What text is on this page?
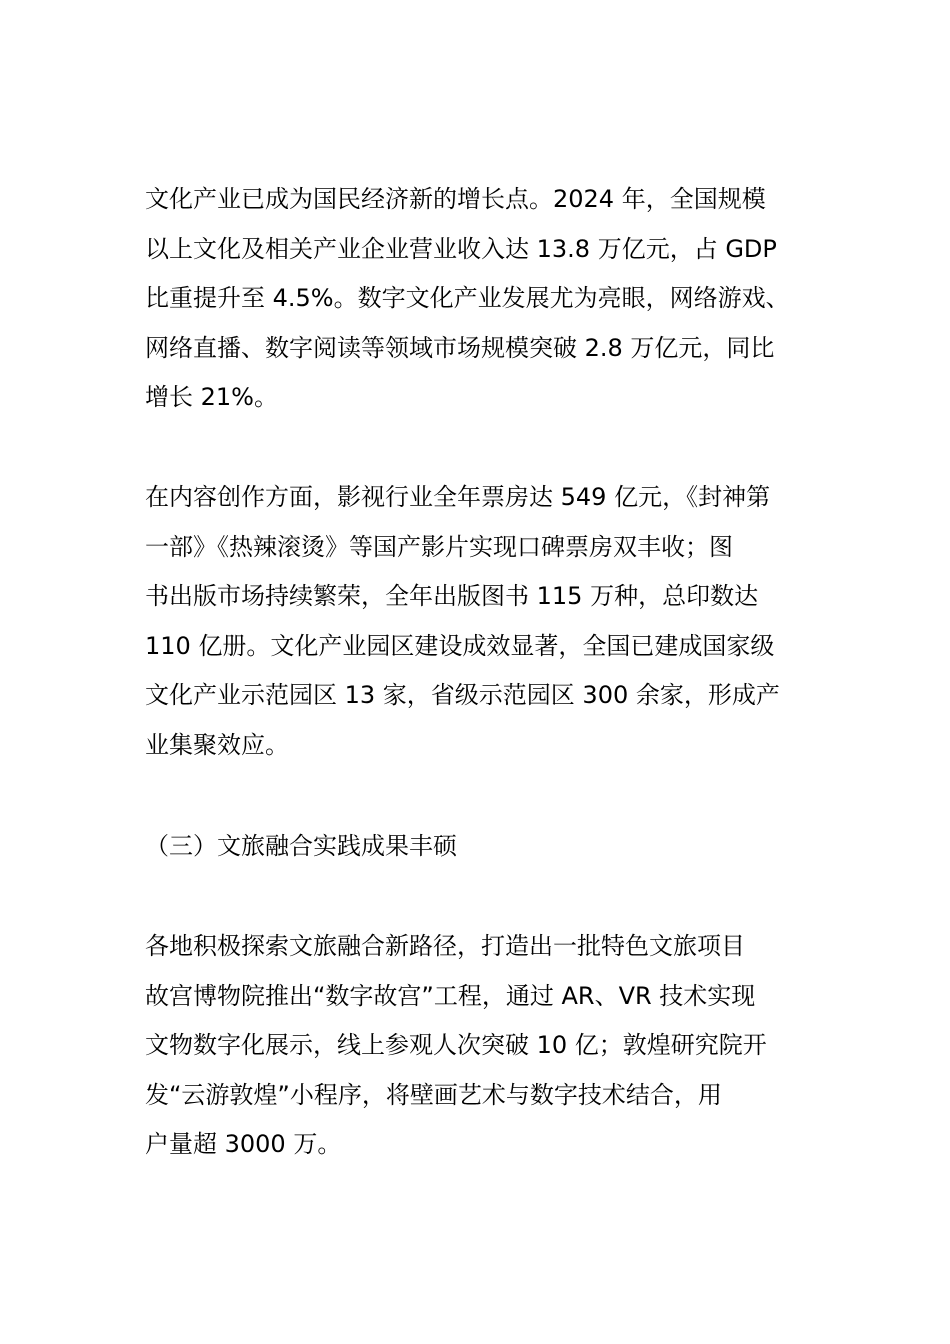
文化产业已成为国民经济新的增长点。2024 年，全国规模
以上文化及相关产业企业营业收入达 13.8 万亿元，占 GDP
比重提升至 4.5%。数字文化产业发展尤为亮眼，网络游戏、
网络直播、数字阅读等领域市场规模突破 2.8 万亿元，同比
增长 21%。
在内容创作方面，影视行业全年票房达 549 亿元，《封神第
一部》《热辣滚烫》等国产影片实现口碑票房双丰收；图
书出版市场持续繁荣，全年出版图书 115 万种，总印数达
110 亿册。文化产业园区建设成效显著，全国已建成国家级
文化产业示范园区 13 家，省级示范园区 300 余家，形成产
业集聚效应。
（三）文旅融合实践成果丰硕
各地积极探索文旅融合新路径，打造出一批特色文旅项目
故宫博物院推出“数字故宫”工程，通过 AR、VR 技术实现
文物数字化展示，线上参观人次突破 10 亿；敦煌研究院开
发“云游敦煌”小程序，将壁画艺术与数字技术结合，用
户量超 3000 万。
